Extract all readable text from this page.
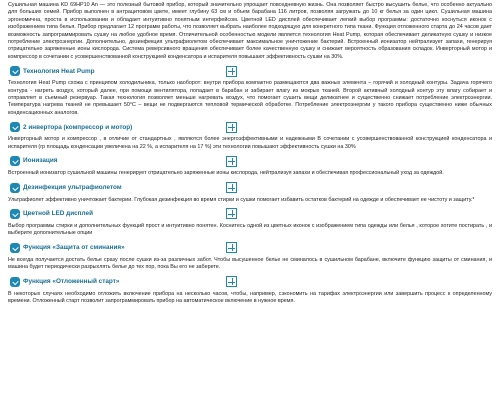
Сушильная машина KD 69HP10 An — это полезный бытовой прибор, который значительно упрощает повседневную жизнь. Она позволяет быстро высушить белье, что особенно актуально для больших семей. Прибор выполнен в антрацитовом цвете, имеет глубину 63 см и объем барабана 116 литров, позволяя загружать до 10 кг белья за один цикл. Сушильная машина эргономична, проста в использовании и обладает интуитивно понятным интерфейсом. Цветной LED дисплей обеспечивает легкий выбор программы: достаточно коснуться иконок с изображением типа белья. Прибор предлагает 12 программ работы, что позволяет выбрать наиболее подходящую для конкретного типа ткани. Функция отложенного старта до 24 часов дает возможность запрограммировать сушку на любое удобное время. Отличительной особенностью модели является технология Heat Pump, которая обеспечивает деликатную сушку и низкое потребление электроэнергии. Дополнительно, дезинфекция ультрафиолетом обеспечивает максимальное уничтожение бактерий. Встроенный ионизатор нейтрализует запахи, генерируя отрицательно заряженные ионы кислорода. Система реверсивного вращения обеспечивает более качественную сушку и снижает вероятность образования складок. Инверторный мотор и компрессор в сочетании с усовершенствованной конструкцией конденсатора и испарителя повышают эффективность сушки на 30%.

Технология Heat Pump

Технология Heat Pump схожа с принципом холодильника, только наоборот: внутри прибора компактно размещаются два важных элемента – горячий и холодный контуры. Задача горячего контура - нагреть воздух, который далее, при помощи вентилятора, попадает в барабан и забирает влагу из мокрых тканей. Второй активный холодный контур эту влагу собирает и отправляет в съемный резервуар. Такая технология позволяет меньше нагревать воздух, что помогает сушить вещи деликатнее и существенно снижает потребление электроэнергии. Температура нагрева тканей не превышает 50°C – вещи не подвергаются тепловой термической обработке. Потребление электроэнергии у такого прибора существенно ниже обычных конденсационных аналогов.

2 инвертора (компрессор и мотор)

Инверторный мотор и компрессор , в отличие от стандартных , являются более энергоэффективными и надежными В сочетании с усовершенствованной конструкцией конденсатора и испарителя (гр площадь конденсации увеличена на 22 %, а испарителя на 17 %) эти технологии повышают эффективность сушки на 30%

Ионизация

Встроенный ионизатор сушильной машины генерирует отрицательно заряженные ионы кислорода, нейтрализуя запахи и обеспечивая профессиональный уход за одеждой.

Дезинфекция ультрафиолетом

Ультрафиолет эффективно уничтожает бактерии. Глубокая дезинфекция во время стирки и сушки помогает избавить остатков бактерий на одежде и обеспечивает ее чистоту и защиту.*

Цветной LED дисплей

Выбор программы стирки и дополнительных функций прост и интуитивно понятен. Коснитесь одной из цветных иконок с изображением типа одежды или белья , которое хотите постирать , и выберите дополнительные опции

Функция «Защита от сминания»

Не всегда получается достать белье сразу после сушки из-за различных забот. Чтобы высушенное белье не сминалось в сушильном барабане, включите функцию защиты от сминания, и машина будет периодически разрыхлять белье до тех пор, пока Вы его не заберете.

Функция «Отложенный старт»

В некоторых случаях необходимо отложить включение прибора на несколько часов, чтобы, например, сэкономить на тарифах электроэнергии или завершить процесс к определенному времени. Отложенный старт позволит запрограммировать прибор на автоматическое включение в нужное время.
